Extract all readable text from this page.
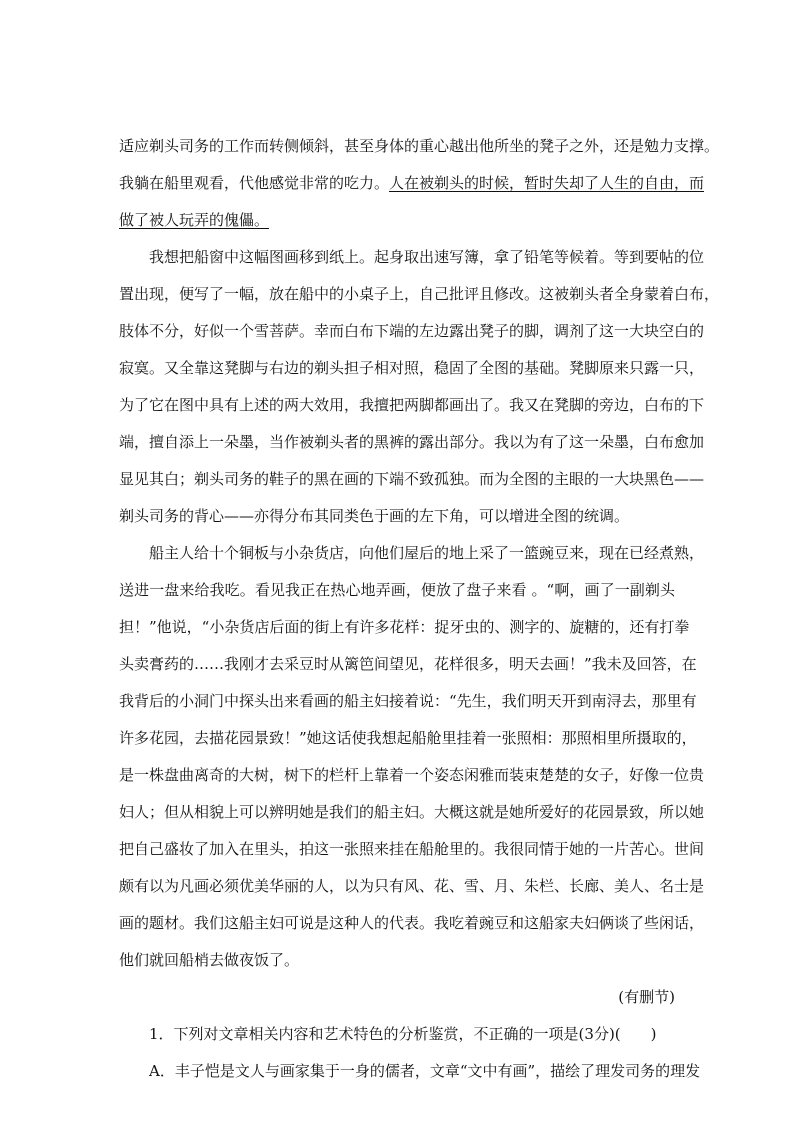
适应剃头司务的工作而转侧倾斜，甚至身体的重心越出他所坐的凳子之外，还是勉力支撑。
我躺在船里观看，代他感觉非常的吃力。人在被剃头的时候，暂时失却了人生的自由，而
做了被人玩弄的傀儡。
我想把船窗中这幅图画移到纸上。起身取出速写簿，拿了铅笔等候着。等到要帖的位
置出现，便写了一幅，放在船中的小桌子上，自己批评且修改。这被剃头者全身蒙着白布，
肢体不分，好似一个雪菩萨。幸而白布下端的左边露出凳子的脚，调剂了这一大块空白的
寂寞。又全靠这凳脚与右边的剃头担子相对照，稳固了全图的基础。凳脚原来只露一只，
为了它在图中具有上述的两大效用，我擅把两脚都画出了。我又在凳脚的旁边，白布的下
端，擅自添上一朵墨，当作被剃头者的黑裤的露出部分。我以为有了这一朵墨，白布愈加
显见其白；剃头司务的鞋子的黑在画的下端不致孤独。而为全图的主眼的一大块黑色——
剃头司务的背心——亦得分布其同类色于画的左下角，可以增进全图的统调。
船主人给十个铜板与小杂货店，向他们屋后的地上采了一篮豌豆来，现在已经煮熟，
送进一盘来给我吃。看见我正在热心地弄画，便放了盘子来看 。“啊，画了一副剃头
担！”他说，“小杂货店后面的街上有许多花样：捉牙虫的、测字的、旋糖的，还有打拳
头卖膏药的……我刚才去采豆时从篱笆间望见，花样很多，明天去画！”我未及回答，在
我背后的小洞门中探头出来看画的船主妇接着说：“先生，我们明天开到南浔去，那里有
许多花园，去描花园景致！”她这话使我想起船舱里挂着一张照相：那照相里所摄取的，
是一株盘曲离奇的大树，树下的栏杆上靠着一个姿态闲雅而装束楚楚的女子，好像一位贵
妇人；但从相貌上可以辨明她是我们的船主妇。大概这就是她所爱好的花园景致，所以她
把自己盛妆了加入在里头，拍这一张照来挂在船舱里的。我很同情于她的一片苦心。世间
颇有以为凡画必须优美华丽的人，以为只有风、花、雪、月、朱栏、长廊、美人、名士是
画的题材。我们这船主妇可说是这种人的代表。我吃着豌豆和这船家夫妇俩谈了些闲话，
他们就回船梢去做夜饭了。
(有删节)
1．下列对文章相关内容和艺术特色的分析鉴赏，不正确的一项是(3分)(　　)
A．丰子恺是文人与画家集于一身的儒者，文章“文中有画”，描绘了理发司务的理发
